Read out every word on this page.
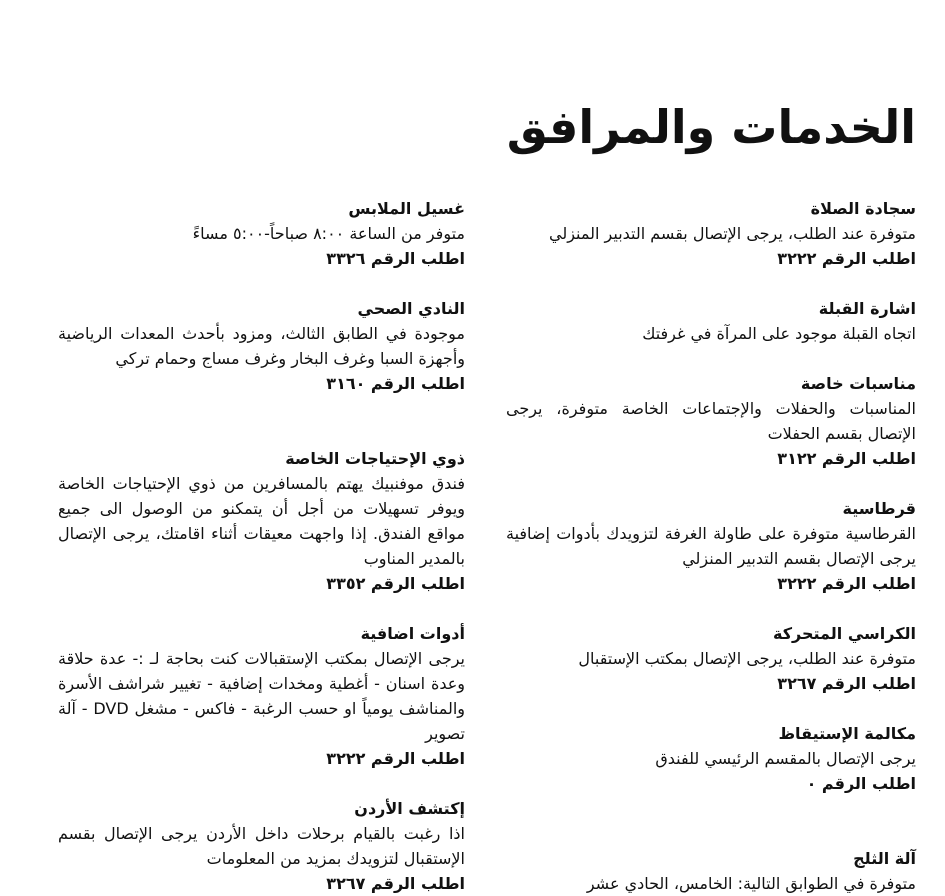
الخدمات والمرافق

سجادة الصلاة

متوفرة عند الطلب، يرجى الإتصال بقسم التدبير المنزلي

اطلب الرقم ٣٢٢٢

اشارة القبلة

اتجاه القبلة موجود على المرآة في غرفتك

مناسبات خاصة

المناسبات والحفلات والإجتماعات الخاصة متوفرة، يرجى الإتصال بقسم الحفلات

اطلب الرقم ٣١٢٢

قرطاسية

القرطاسية متوفرة على طاولة الغرفة لتزويدك بأدوات إضافية يرجى الإتصال بقسم التدبير المنزلي

اطلب الرقم ٣٢٢٢

الكراسي المتحركة

متوفرة عند الطلب، يرجى الإتصال بمكتب الإستقبال

اطلب الرقم ٣٢٦٧

مكالمة الإستيقاظ

يرجى الإتصال بالمقسم الرئيسي للفندق

اطلب الرقم ٠

آلة الثلج

متوفرة في الطوابق التالية: الخامس، الحادي عشر

غسيل الملابس

متوفر من الساعة ٨:٠٠ صباحاً-٥:٠٠ مساءً

اطلب الرقم ٣٣٢٦

النادي الصحي

موجودة في الطابق الثالث، ومزود بأحدث المعدات الرياضية وأجهزة السبا وغرف البخار وغرف مساج وحمام تركي

اطلب الرقم ٣١٦٠

ذوي الإحتياجات الخاصة

فندق موفنبيك يهتم بالمسافرين من ذوي الإحتياجات الخاصة ويوفر تسهيلات من أجل أن يتمكنو من الوصول الى جميع مواقع الفندق. إذا واجهت معيقات أثناء اقامتك، يرجى الإتصال بالمدير المناوب

اطلب الرقم ٣٣٥٢

أدوات اضافية

يرجى الإتصال بمكتب الإستقبالات كنت بحاجة لـ :- عدة حلاقة وعدة اسنان - أغطية ومخدات إضافية - تغيير شراشف الأسرة والمناشف يومياً او حسب الرغبة - فاكس - مشغل DVD - آلة تصوير

اطلب الرقم ٣٢٢٢

إكتشف الأردن

اذا رغبت بالقيام برحلات داخل الأردن يرجى الإتصال بقسم الإستقبال لتزويدك بمزيد من المعلومات

اطلب الرقم ٣٢٦٧
